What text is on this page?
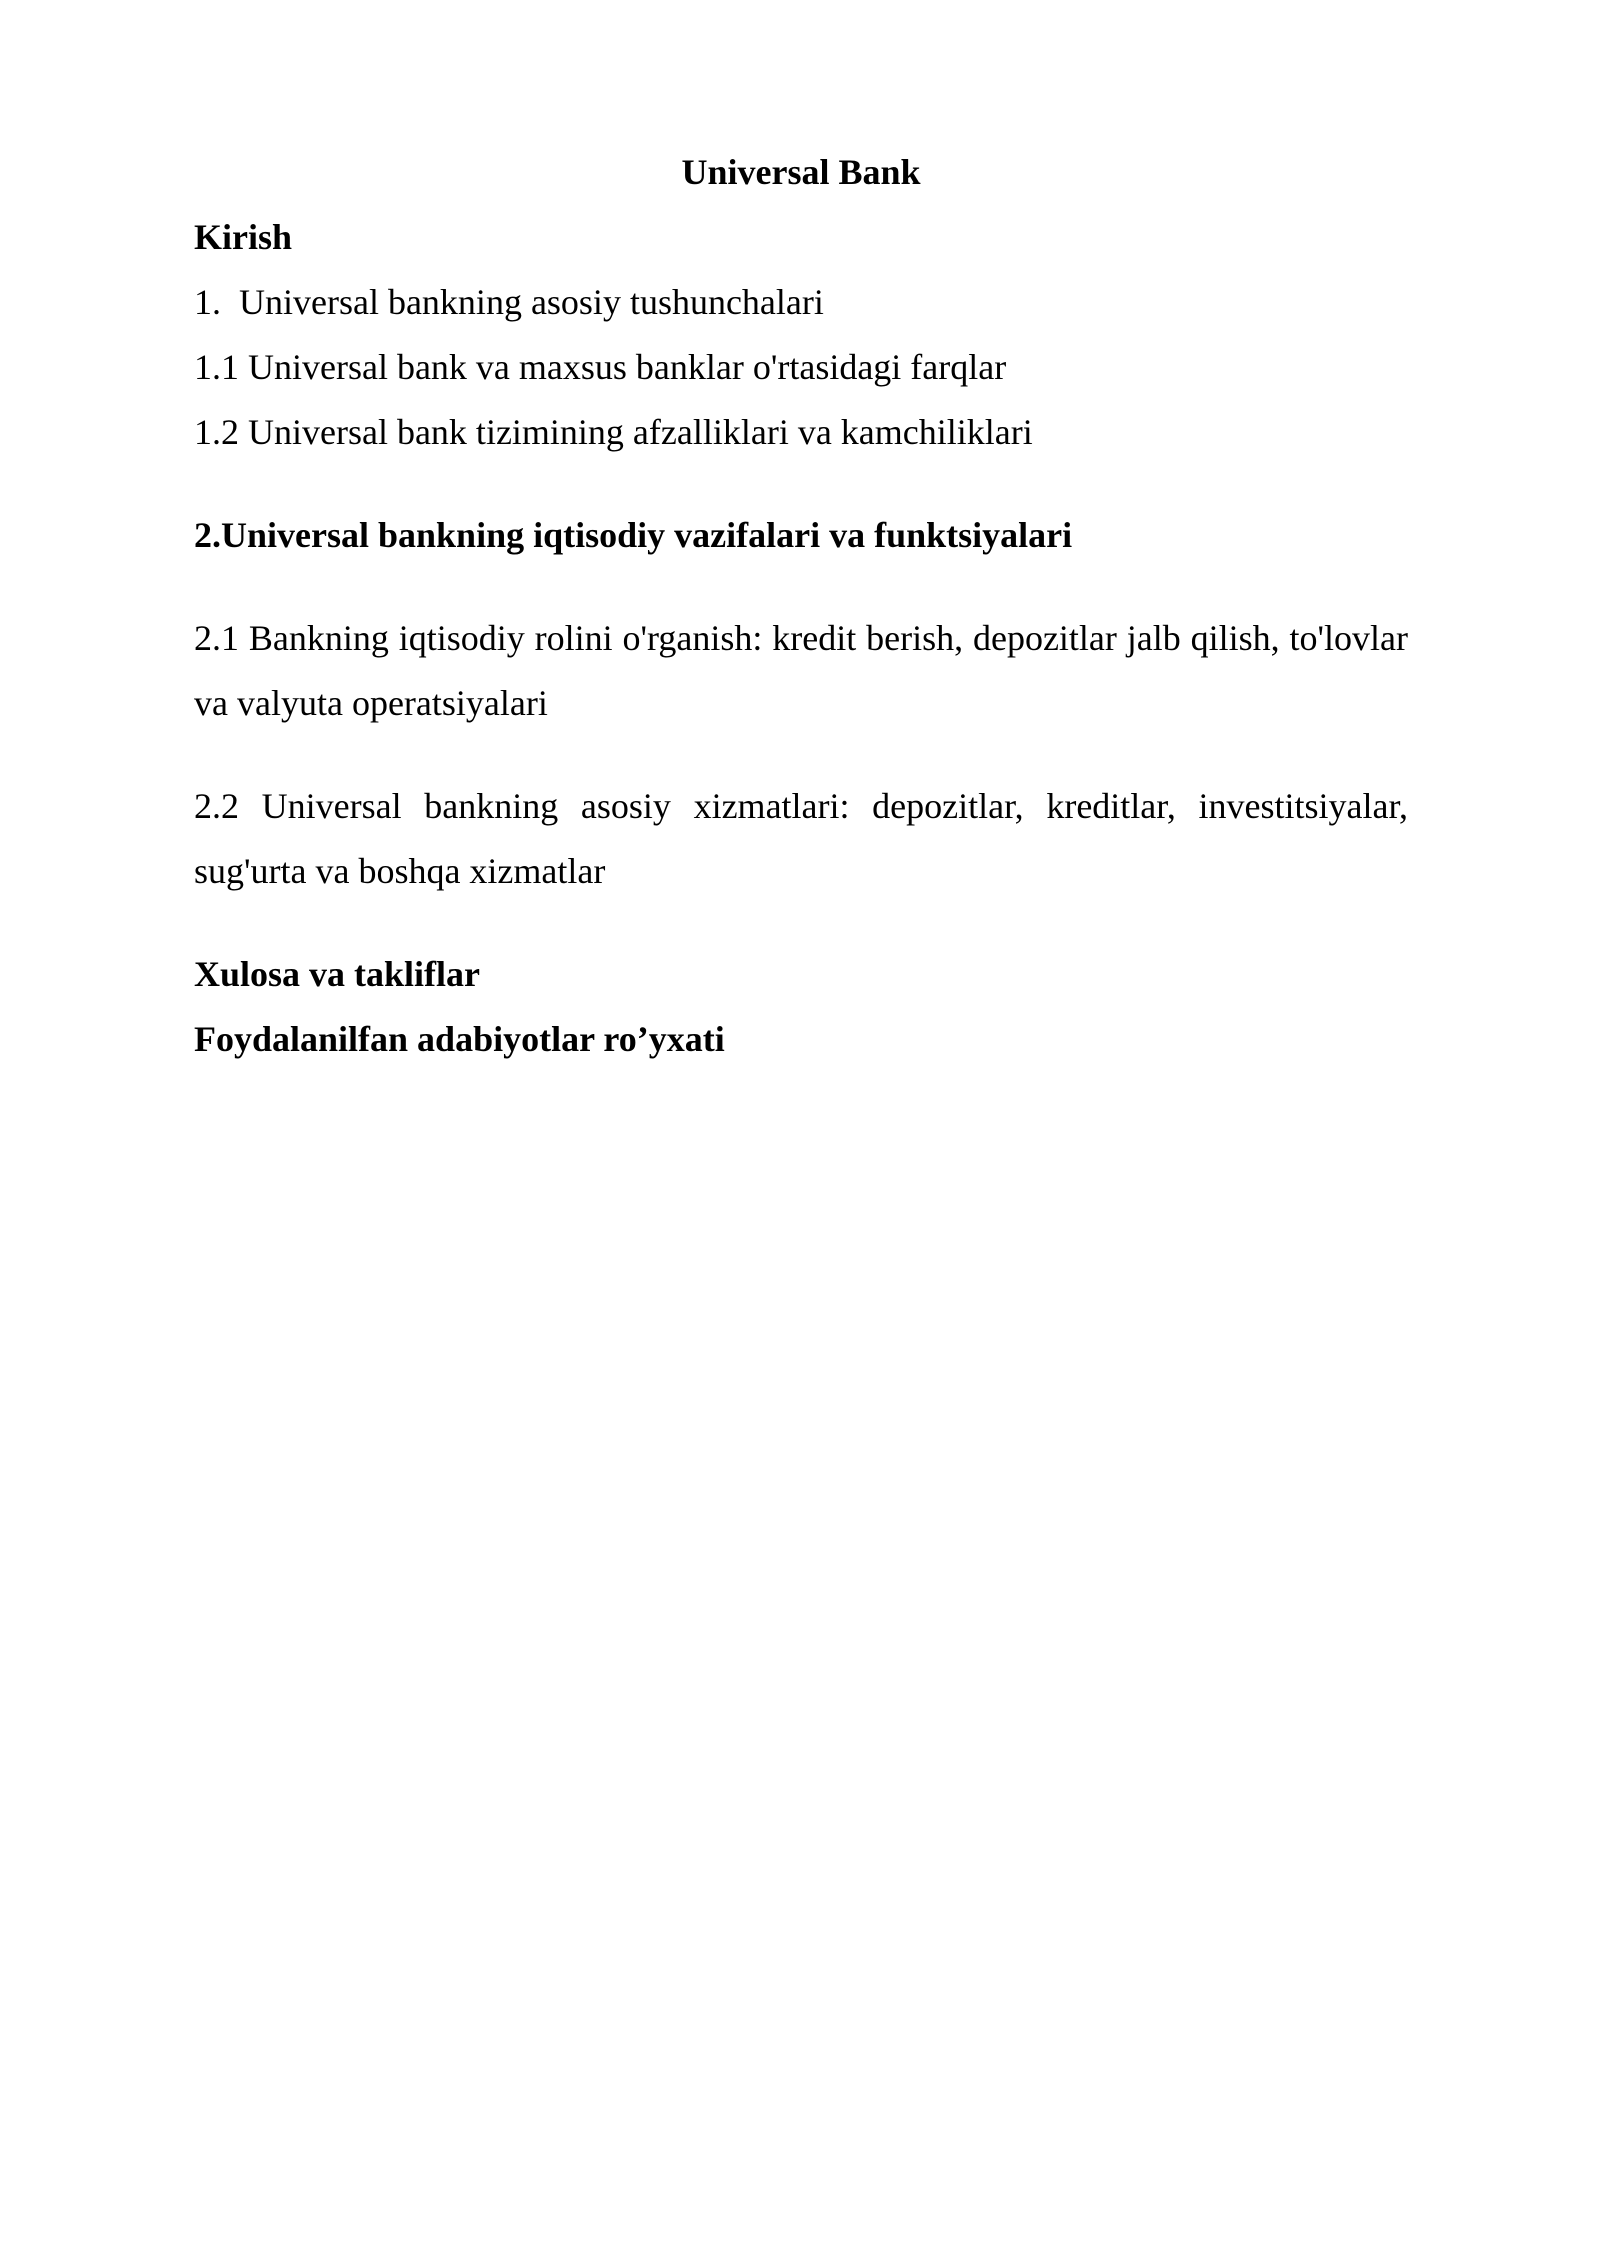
Universal Bank

Kirish

1.  Universal bankning asosiy tushunchalari

1.1 Universal bank va maxsus banklar o'rtasidagi farqlar

1.2 Universal bank tizimining afzalliklari va kamchiliklari

2.Universal bankning iqtisodiy vazifalari va funktsiyalari

2.1 Bankning iqtisodiy rolini o'rganish: kredit berish, depozitlar jalb qilish, to'lovlar va valyuta operatsiyalari

2.2 Universal bankning asosiy xizmatlari: depozitlar, kreditlar, investitsiyalar, sug'urta va boshqa xizmatlar

Xulosa va takliflar

Foydalanilfan adabiyotlar ro’yxati
